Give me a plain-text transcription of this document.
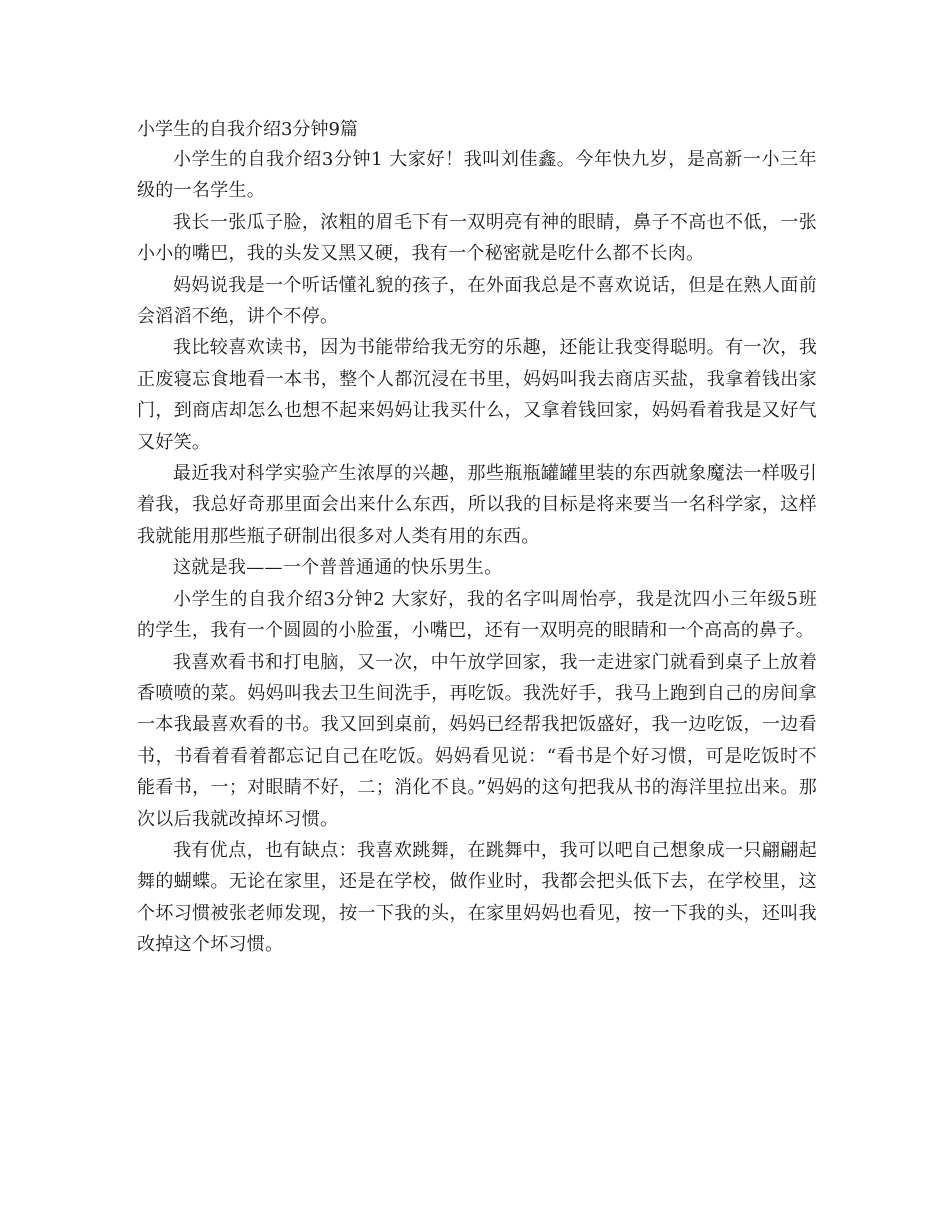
小学生的自我介绍3分钟9篇

小学生的自我介绍3分钟1 大家好！我叫刘佳鑫。今年快九岁，是高新一小三年级的一名学生。

我长一张瓜子脸，浓粗的眉毛下有一双明亮有神的眼睛，鼻子不高也不低，一张小小的嘴巴，我的头发又黑又硬，我有一个秘密就是吃什么都不长肉。

妈妈说我是一个听话懂礼貌的孩子，在外面我总是不喜欢说话，但是在熟人面前会滔滔不绝，讲个不停。

我比较喜欢读书，因为书能带给我无穷的乐趣，还能让我变得聪明。有一次，我正废寝忘食地看一本书，整个人都沉浸在书里，妈妈叫我去商店买盐，我拿着钱出家门，到商店却怎么也想不起来妈妈让我买什么，又拿着钱回家，妈妈看着我是又好气又好笑。

最近我对科学实验产生浓厚的兴趣，那些瓶瓶罐罐里装的东西就象魔法一样吸引着我，我总好奇那里面会出来什么东西，所以我的目标是将来要当一名科学家，这样我就能用那些瓶子研制出很多对人类有用的东西。

这就是我——一个普普通通的快乐男生。

小学生的自我介绍3分钟2 大家好，我的名字叫周怡亭，我是沈四小三年级5班的学生，我有一个圆圆的小脸蛋，小嘴巴，还有一双明亮的眼睛和一个高高的鼻子。

我喜欢看书和打电脑，又一次，中午放学回家，我一走进家门就看到桌子上放着香喷喷的菜。妈妈叫我去卫生间洗手，再吃饭。我洗好手，我马上跑到自己的房间拿一本我最喜欢看的书。我又回到桌前，妈妈已经帮我把饭盛好，我一边吃饭，一边看书，书看着看着都忘记自己在吃饭。妈妈看见说：“看书是个好习惯，可是吃饭时不能看书，一；对眼睛不好，二；消化不良。”妈妈的这句把我从书的海洋里拉出来。那次以后我就改掉坏习惯。

我有优点，也有缺点：我喜欢跳舞，在跳舞中，我可以吧自己想象成一只翩翩起舞的蝴蝶。无论在家里，还是在学校，做作业时，我都会把头低下去，在学校里，这个坏习惯被张老师发现，按一下我的头，在家里妈妈也看见，按一下我的头，还叫我改掉这个坏习惯。
